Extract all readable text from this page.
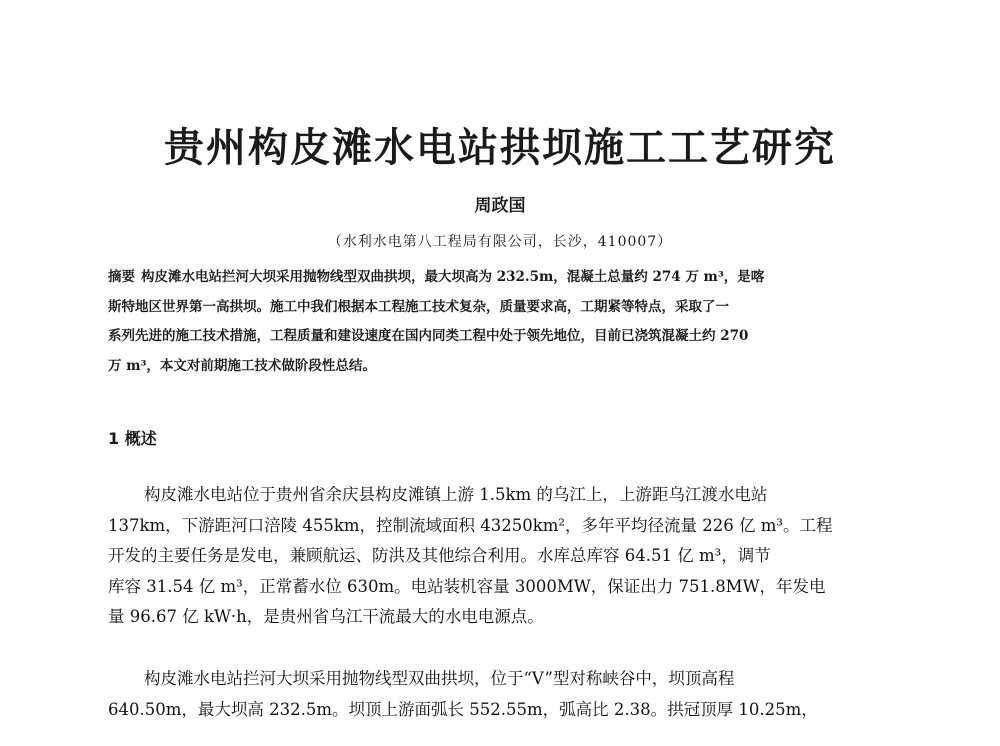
贵州构皮滩水电站拱坝施工工艺研究
周政国
（水利水电第八工程局有限公司，长沙，410007）
摘要 构皮滩水电站拦河大坝采用抛物线型双曲拱坝，最大坝高为 232.5m，混凝土总量约 274 万 m³，是喀
斯特地区世界第一高拱坝。施工中我们根据本工程施工技术复杂，质量要求高，工期紧等特点，采取了一
系列先进的施工技术措施，工程质量和建设速度在国内同类工程中处于领先地位，目前已浇筑混凝土约 270
万 m³，本文对前期施工技术做阶段性总结。
1 概述
构皮滩水电站位于贵州省余庆县构皮滩镇上游 1.5km 的乌江上，上游距乌江渡水电站
137km，下游距河口涪陵 455km，控制流域面积 43250km²，多年平均径流量 226 亿 m³。工程
开发的主要任务是发电，兼顾航运、防洪及其他综合利用。水库总库容 64.51 亿 m³，调节
库容 31.54 亿 m³，正常蓄水位 630m。电站装机容量 3000MW，保证出力 751.8MW，年发电
量 96.67 亿 kW·h，是贵州省乌江干流最大的水电电源点。
构皮滩水电站拦河大坝采用抛物线型双曲拱坝，位于“V”型对称峡谷中，坝顶高程
640.50m，最大坝高 232.5m。坝顶上游面弧长 552.55m，弧高比 2.38。拱冠顶厚 10.25m，
